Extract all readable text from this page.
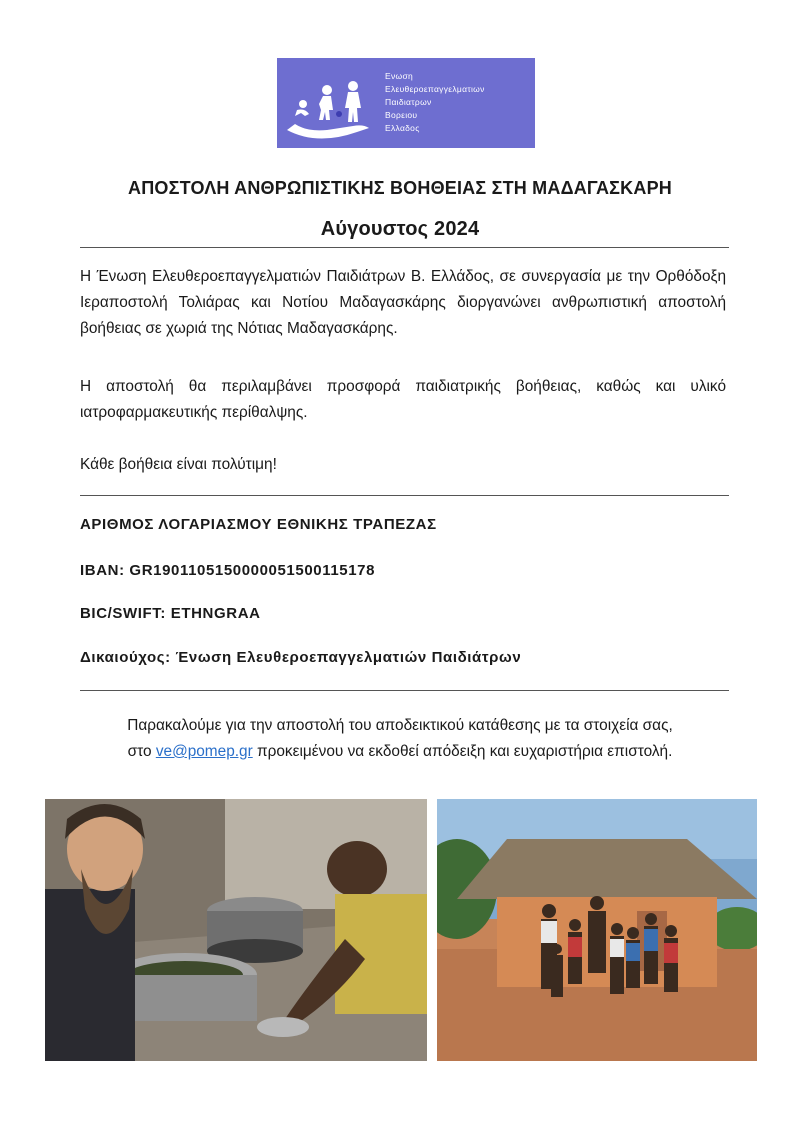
Ενωση
Ελευθεροεπαγγελματιων
Παιδιατρων
Βορειου
Ελλαδος
ΑΠΟΣΤΟΛΗ ΑΝΘΡΩΠΙΣΤΙΚΗΣ ΒΟΗΘΕΙΑΣ ΣΤΗ ΜΑΔΑΓΑΣΚΑΡΗ
Αύγουστος 2024
Η Ένωση Ελευθεροεπαγγελματιών Παιδιάτρων Β. Ελλάδος, σε συνεργασία με την Ορθόδοξη Ιεραποστολή Τολιάρας και Νοτίου Μαδαγασκάρης διοργανώνει ανθρωπιστική αποστολή βοήθειας σε χωριά της Νότιας Μαδαγασκάρης.
Η αποστολή θα περιλαμβάνει προσφορά παιδιατρικής βοήθειας, καθώς και υλικό ιατροφαρμακευτικής περίθαλψης.
Κάθε βοήθεια είναι πολύτιμη!
ΑΡΙΘΜΟΣ ΛΟΓΑΡΙΑΣΜΟΥ ΕΘΝΙΚΗΣ ΤΡΑΠΕΖΑΣ
IBAN: GR1901105150000051500115178
BIC/SWIFT: ETHNGRAA
Δικαιούχος: Ένωση Ελευθεροεπαγγελματιών Παιδιάτρων
Παρακαλούμε για την αποστολή του αποδεικτικού κατάθεσης με τα στοιχεία σας,
στο ve@pomep.gr προκειμένου να εκδοθεί απόδειξη και ευχαριστήρια επιστολή.
